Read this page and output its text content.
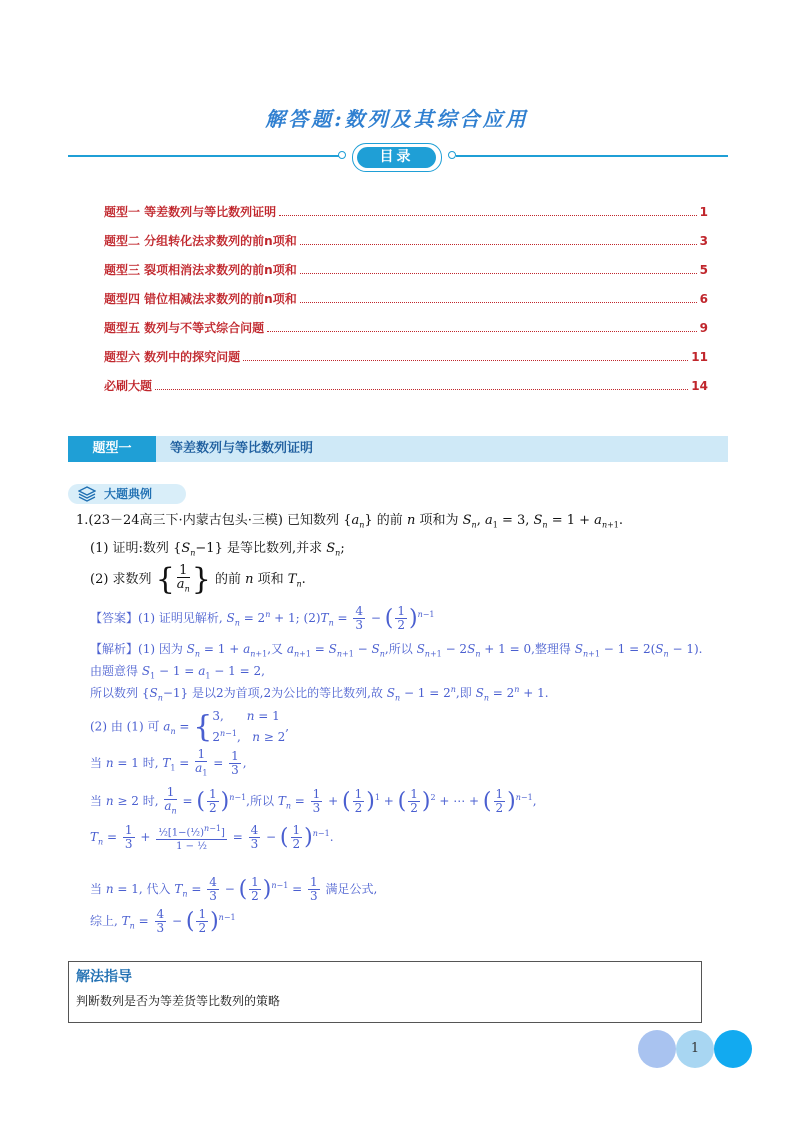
解答题:数列及其综合应用
目录
题型一 等差数列与等比数列证明	1
题型二 分组转化法求数列的前n项和	3
题型三 裂项相消法求数列的前n项和	5
题型四 错位相减法求数列的前n项和	6
题型五 数列与不等式综合问题	9
题型六 数列中的探究问题	11
必刷大题	14
题型一	等差数列与等比数列证明
大题典例
1.(23－24高三下·内蒙古包头·三模) 已知数列 $\{a_n\}$ 的前 n 项和为 $S_n$, $a_1 = 3$, $S_n = 1 + a_{n+1}$.
(1) 证明:数列 $\{S_n-1\}$ 是等比数列,并求 $S_n$;
(2) 求数列 { $\frac{1}{a_n}$ } 的前 n 项和 $T_n$.
【答案】(1) 证明见解析, $S_n = 2^n + 1$; $(2)T_n = \frac{4}{3}$ − ( $\frac{1}{2} )^{n-1}$
【解析】(1) 因为 $S_n = 1 + a_{n+1}$,又 $a_{n+1} = S_{n+1} - S_n$,所以 $S_{n+1} - 2S_n + 1 = 0$,整理得 $S_{n+1} - 1 = 2(S_n - 1)$.
由题意得 $S_1 - 1 = a_1 - 1 = 2$,
所以数列 $\{S_n-1\}$ 是以2为首项,2为公比的等比数列,故 $S_n - 1 = 2^n$,即 $S_n = 2^n + 1$.
(2) 由 (1) 可 $a_n = \{3$,      n = 1
$2^{n-1}$,   n ≥ 2,
当 n = 1 时, $T_1 = \frac{1}{a_1} = \frac{1}{3}$ ,
当 n ≥ 2 时, $\frac{1}{a_n}$ = ( $\frac{1}{2} )^{n-1}$,所以 $T_n = \frac{1}{3}$ + ( $\frac{1}{2} )^1$ + ( $\frac{1}{2} )^2$ + ⋯ + ( $\frac{1}{2} )^{n-1}$,
$T_n = \frac{1}{3} + \frac{\frac{1}{2}[1-(\frac{1}{2})^{n-1}]}{\text{1 − ½}} = \frac{4}{3}$ − ( $\frac{1}{2} )^{n-1}$.
当 n = 1, 代入 $T_n = \frac{4}{3}$ − ( $\frac{1}{2} )^{n-1} = \frac{1}{3}$ 满足公式,
综上, $T_n = \frac{4}{3}$ − ( $\frac{1}{2} )^{n-1}$
解法指导
判断数列是否为等差货等比数列的策略
1
